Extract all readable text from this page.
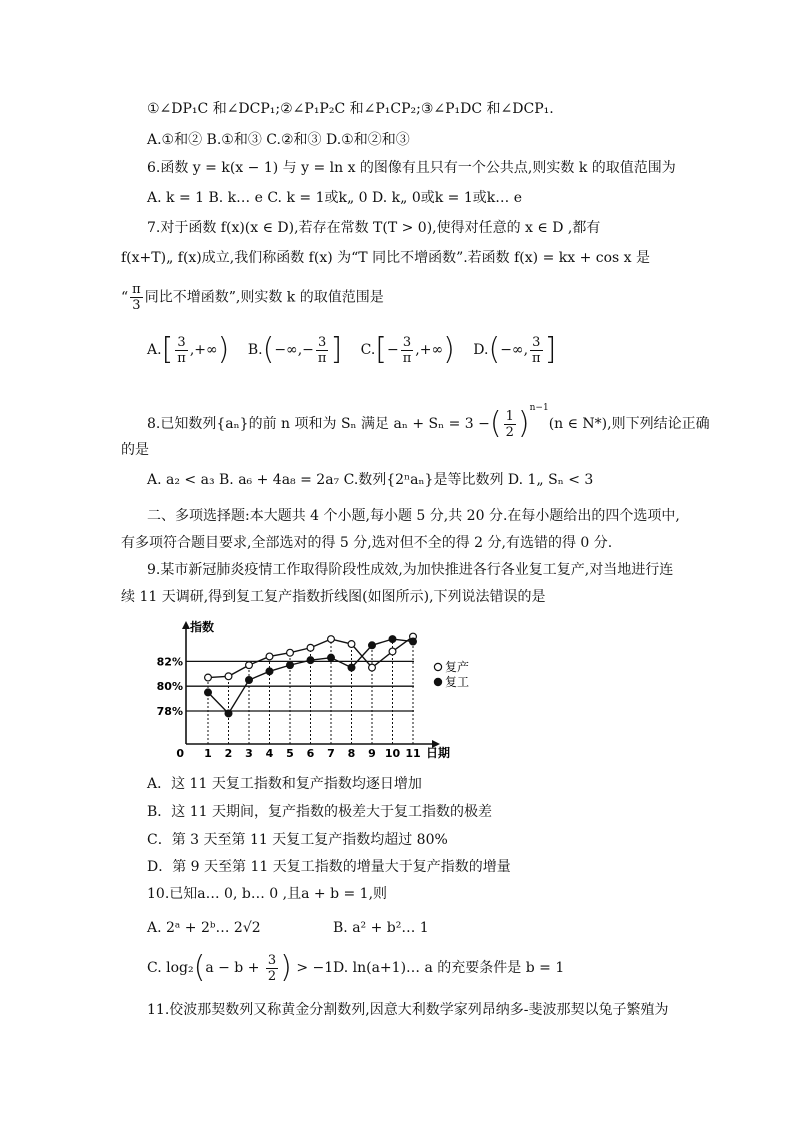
①∠DP₁C 和∠DCP₁;②∠P₁P₂C 和∠P₁CP₂;③∠P₁DC 和∠DCP₁.
A.①和② B.①和③ C.②和③ D.①和②和③
6.函数 y = k(x − 1) 与 y = ln x 的图像有且只有一个公共点,则实数 k 的取值范围为
A. k = 1 B. k… e C. k = 1或k„ 0 D. k„ 0或k = 1或k… e
7.对于函数 f(x)(x ∈ D),若存在常数 T(T > 0),使得对任意的 x ∈ D ,都有
f(x+T)„ f(x)成立,我们称函数 f(x) 为“T 同比不增函数”.若函数 f(x) = kx + cos x 是
“ $\frac{\pi}{3}$ 同比不增函数”,则实数 k 的取值范围是
$A.[ \frac{3}{\pi}$ ,+∞) $B.(-\infty,- \frac{3}{\pi}$ ] $C.[- \frac{3}{\pi}$ ,+∞) D.(−∞, $\frac{3}{\pi}$ ]
8.已知数列{aₙ}的前 n 项和为 Sₙ 满足 aₙ + Sₙ = 3 −( $\frac{1}{2} )^{n-1}(n$ ∈ N*),则下列结论正确
的是
A. a₂ < a₃ B. a₆ + 4a₈ = 2a₇ C.数列{2ⁿaₙ}是等比数列 D. 1„ Sₙ < 3
二、多项选择题:本大题共 4 个小题,每小题 5 分,共 20 分.在每小题给出的四个选项中,
有多项符合题目要求,全部选对的得 5 分,选对但不全的得 2 分,有选错的得 0 分.
9.某市新冠肺炎疫情工作取得阶段性成效,为加快推进各行各业复工复产,对当地进行连
续 11 天调研,得到复工复产指数折线图(如图所示),下列说法错误的是
82%
80%
78%
指数
1 2 3 4 5 6 7 8 9 10 11
0	日期
复产
复工
A．这 11 天复工指数和复产指数均逐日增加
B．这 11 天期间，复产指数的极差大于复工指数的极差
C．第 3 天至第 11 天复工复产指数均超过 80%
D．第 9 天至第 11 天复工指数的增量大于复产指数的增量
10.已知a… 0, b… 0 ,且a + b = 1,则
A. 2ᵃ + 2ᵇ… 2√2	B. a² + b²… 1
C. $\log_2(a - b + \frac{3}{2}$ ) > −1 D. ln(a+1)… a 的充要条件是 b = 1
11.佼波那契数列又称黄金分割数列,因意大利数学家列昂纳多-斐波那契以兔子繁殖为
